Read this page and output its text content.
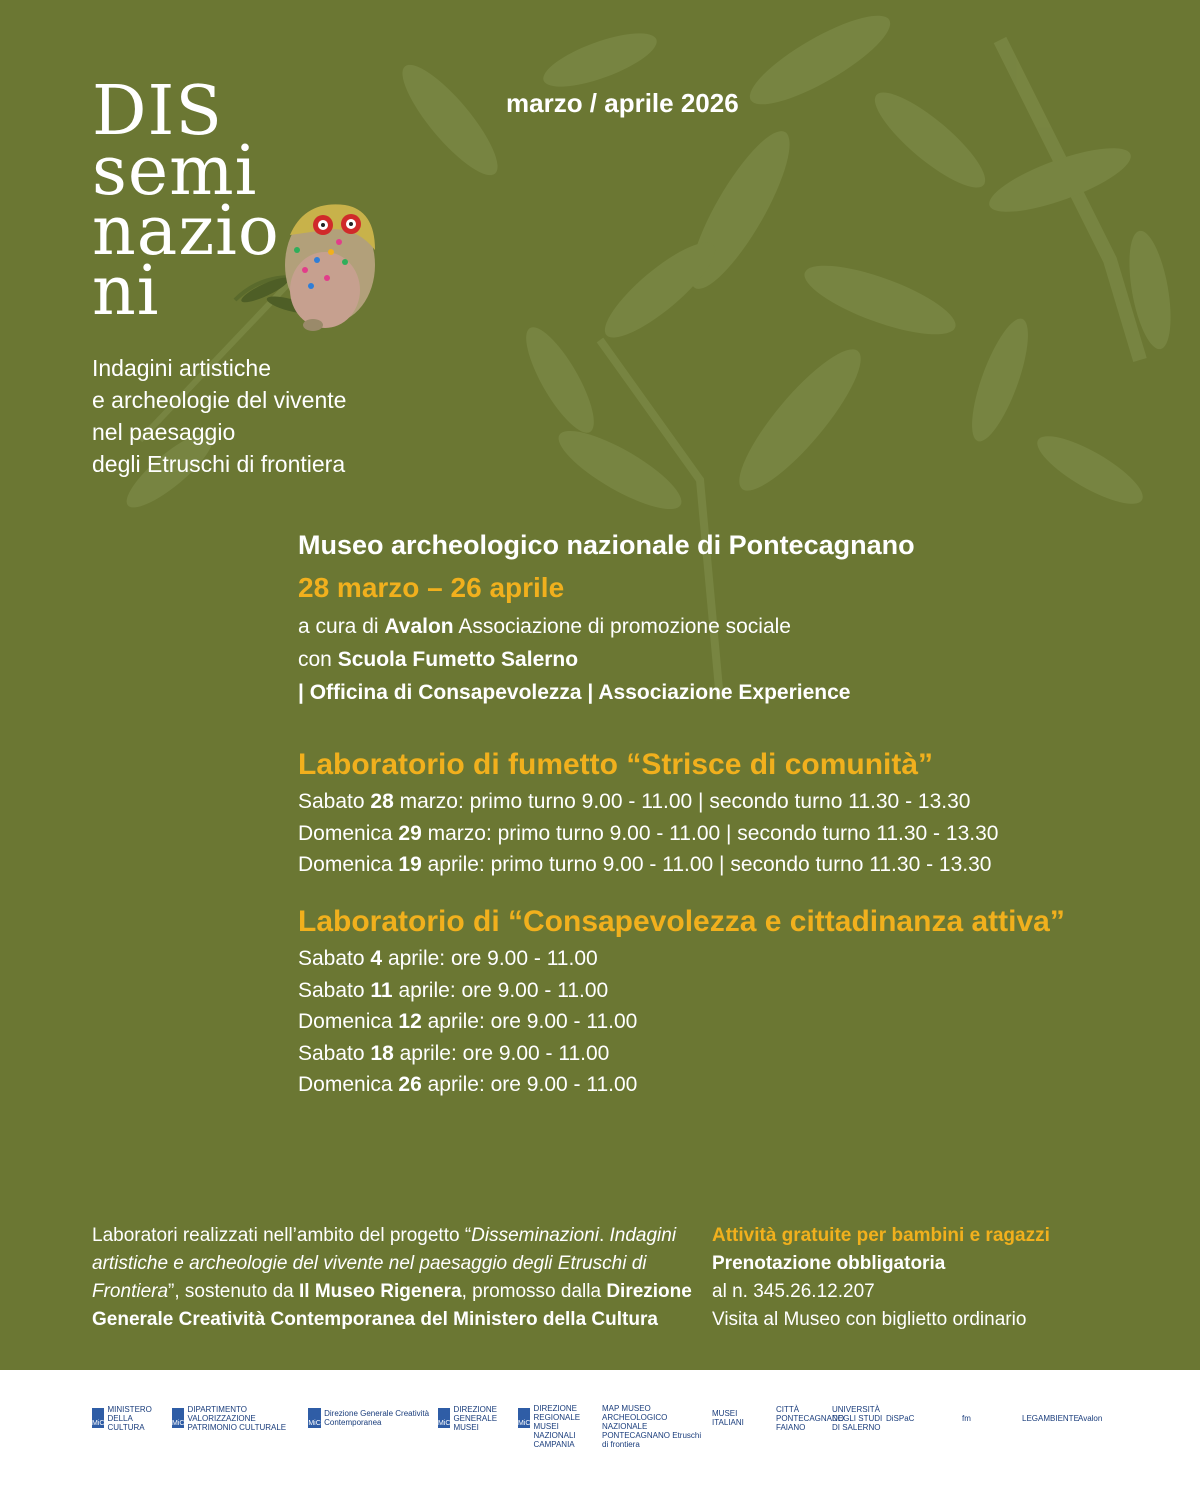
DIS
semi
nazio
ni
Indagini artistiche
e archeologie del vivente
nel paesaggio
degli Etruschi di frontiera
marzo / aprile 2026
Museo archeologico nazionale di Pontecagnano
28 marzo – 26 aprile
a cura di Avalon Associazione di promozione sociale
con Scuola Fumetto Salerno
| Officina di Consapevolezza | Associazione Experience
Laboratorio di fumetto “Strisce di comunità”
Sabato 28 marzo: primo turno 9.00 - 11.00 | secondo turno 11.30 - 13.30
Domenica 29 marzo: primo turno 9.00 - 11.00 | secondo turno 11.30 - 13.30
Domenica 19 aprile: primo turno 9.00 - 11.00 | secondo turno 11.30 - 13.30
Laboratorio di “Consapevolezza e cittadinanza attiva”
Sabato 4 aprile: ore 9.00 - 11.00
Sabato 11 aprile: ore 9.00 - 11.00
Domenica 12 aprile: ore 9.00 - 11.00
Sabato 18 aprile: ore 9.00 - 11.00
Domenica 26 aprile: ore 9.00 - 11.00
Laboratori realizzati nell’ambito del progetto “Disseminazioni. Indagini artistiche e archeologie del vivente nel paesaggio degli Etruschi di Frontiera”, sostenuto da Il Museo Rigenera, promosso dalla Direzione Generale Creatività Contemporanea del Ministero della Cultura
Attività gratuite per bambini e ragazzi
Prenotazione obbligatoria
al n. 345.26.12.207
Visita al Museo con biglietto ordinario
MiC
MINISTERO DELLA CULTURA	MiC
DIPARTIMENTO VALORIZZAZIONE PATRIMONIO CULTURALE	MiC
Direzione Generale Creatività Contemporanea	MiC
DIREZIONE GENERALE MUSEI	MiC
DIREZIONE REGIONALE MUSEI NAZIONALI CAMPANIA
MAP MUSEO ARCHEOLOGICO NAZIONALE PONTECAGNANO Etruschi di frontiera
MUSEI ITALIANI
CITTÀ PONTECAGNANO FAIANO
UNIVERSITÀ DEGLI STUDI DI SALERNO
DiSPaC	fm	LEGAMBIENTE Avalon
